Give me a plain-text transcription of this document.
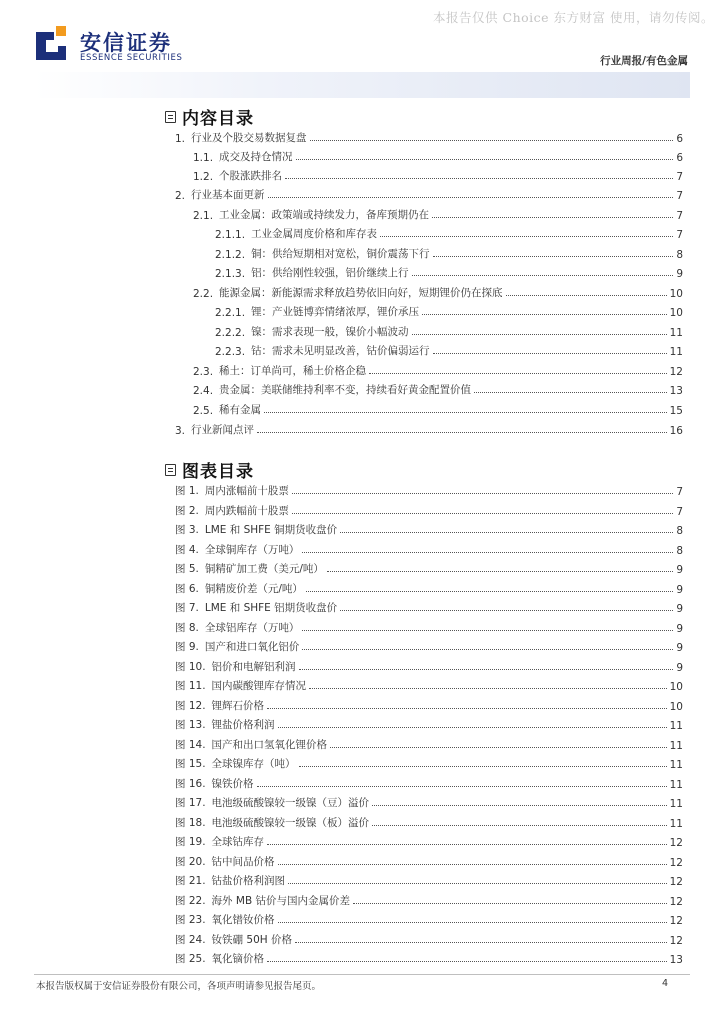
本报告仅供 Choice 东方财富 使用，请勿传阅。
安信证券
ESSENCE SECURITIES	行业周报/有色金属
内容目录
1. 行业及个股交易数据复盘	6
1.1. 成交及持仓情况	6
1.2. 个股涨跌排名	7
2. 行业基本面更新	7
2.1. 工业金属：政策端或持续发力，备库预期仍在	7
2.1.1. 工业金属周度价格和库存表	7
2.1.2. 铜：供给短期相对宽松，铜价震荡下行	8
2.1.3. 铝：供给刚性较强，铝价继续上行	9
2.2. 能源金属：新能源需求释放趋势依旧向好，短期锂价仍在探底	10
2.2.1. 锂：产业链博弈情绪浓厚，锂价承压	10
2.2.2. 镍：需求表现一般，镍价小幅波动	11
2.2.3. 钴：需求未见明显改善，钴价偏弱运行	11
2.3. 稀土：订单尚可，稀土价格企稳	12
2.4. 贵金属：美联储维持利率不变，持续看好黄金配置价值	13
2.5. 稀有金属	15
3. 行业新闻点评	16
图表目录
图 1. 周内涨幅前十股票	7
图 2. 周内跌幅前十股票	7
图 3. LME 和 SHFE 铜期货收盘价	8
图 4. 全球铜库存（万吨）	8
图 5. 铜精矿加工费（美元/吨）	9
图 6. 铜精废价差（元/吨）	9
图 7. LME 和 SHFE 铝期货收盘价	9
图 8. 全球铝库存（万吨）	9
图 9. 国产和进口氧化铝价	9
图 10. 铝价和电解铝利润	9
图 11. 国内碳酸锂库存情况	10
图 12. 锂辉石价格	10
图 13. 锂盐价格利润	11
图 14. 国产和出口氢氧化锂价格	11
图 15. 全球镍库存（吨）	11
图 16. 镍铁价格	11
图 17. 电池级硫酸镍较一级镍（豆）溢价	11
图 18. 电池级硫酸镍较一级镍（板）溢价	11
图 19. 全球钴库存	12
图 20. 钴中间品价格	12
图 21. 钴盐价格利润图	12
图 22. 海外 MB 钴价与国内金属价差	12
图 23. 氧化镨钕价格	12
图 24. 钕铁硼 50H 价格	12
图 25. 氧化镝价格	13
本报告版权属于安信证券股份有限公司，各项声明请参见报告尾页。	4
